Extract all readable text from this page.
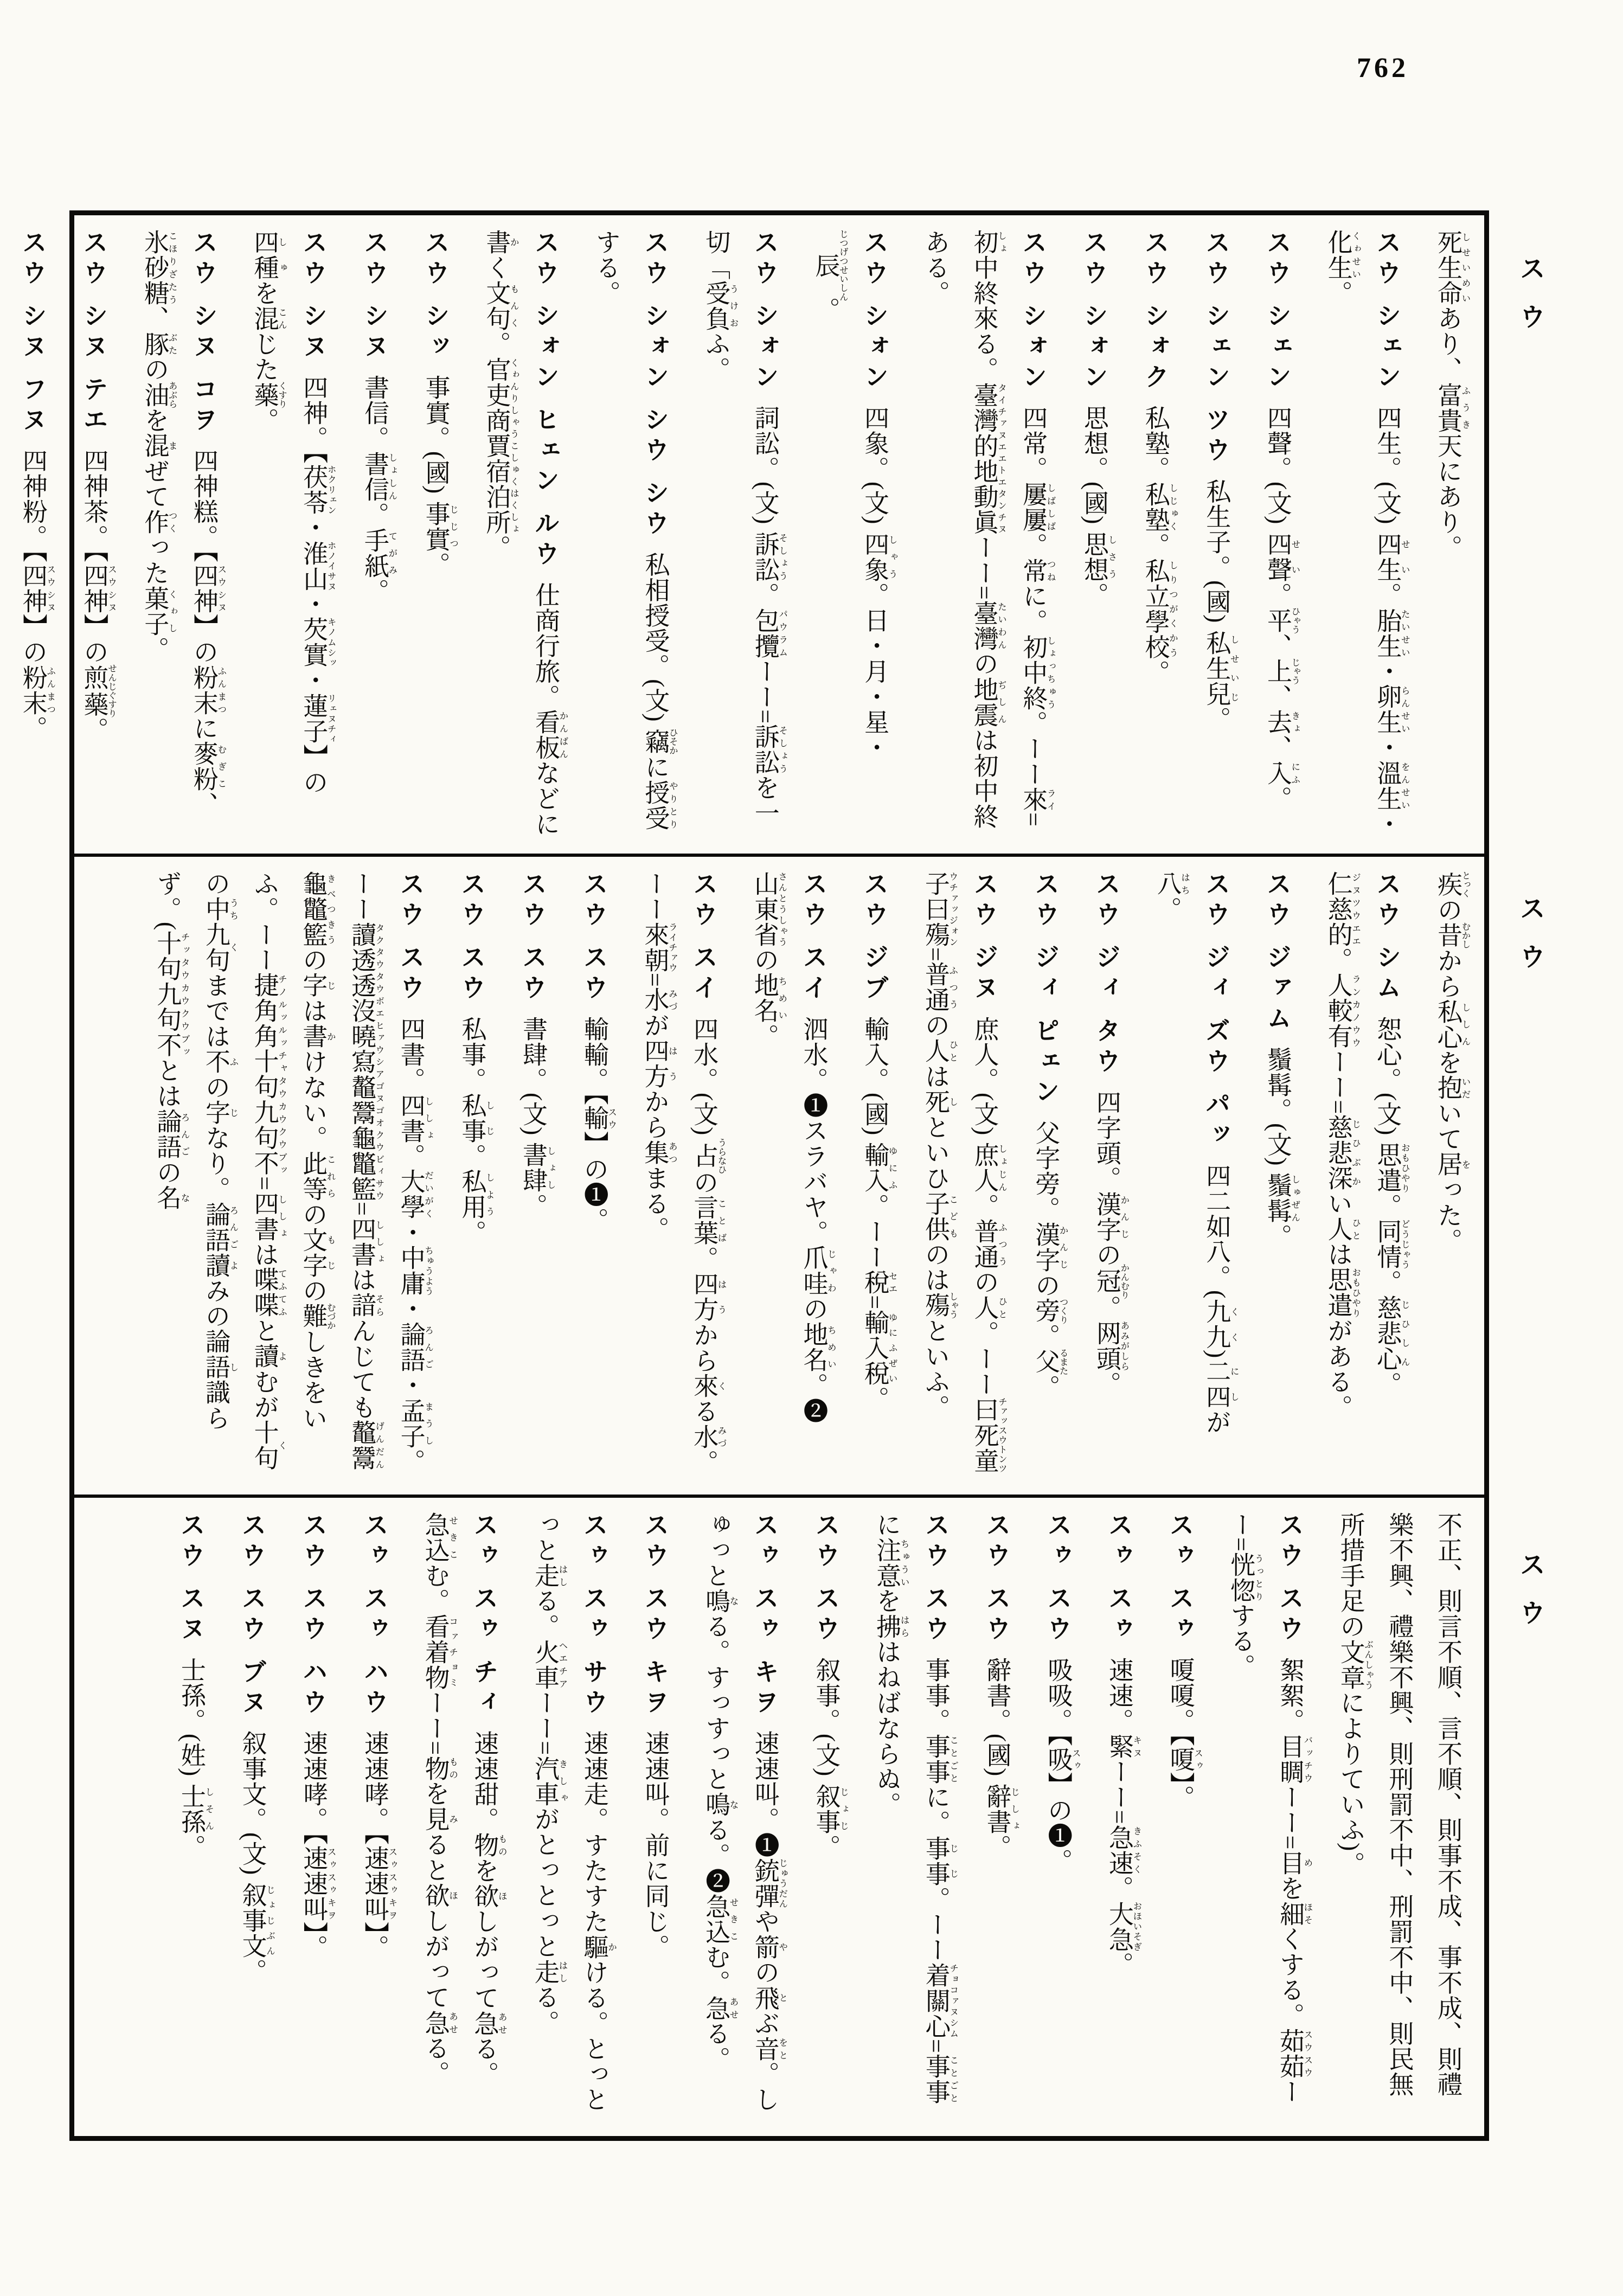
762
スウ
スウ
スウ
死生命しせいめいあり、富貴ふうき天にあり。
スウ シェン四生。(文) 四生せい。胎生たいせい・卵生らんせい・溫生をんせい・化生くゎせい。
スウ シェン四聲。(文) 四聲せい。平ひゃう、上じゃう、去きょ、入にふ。
スウ シェン ツウ私生子。(國) 私生兒しせいじ。
スウ シォク私塾。私塾しじゅく。私立學校しりつがくかう。
スウ シォン思想。(國) 思想しさう。
スウ シォン四常。屢屢しばしば。常つねに。初中終しょっちゅう。ーー來ライ=初しょ中終來る。臺灣的地動眞タイチァヌエエトエタンチヌーー=臺灣たいわんの地震ぢしんは初中終ある。
スウ シォン四象。(文) 四象しゃう。日・月・星・辰じつげつせいしん。
スウ シォン詞訟。(文) 訴訟そしょう。包攬パウラムーー=訴訟そしょうを一切「受負うけおふ。
スウ シォン シウ シウ私相授受。(文) 竊ひそかに授受やりとりする。
スウ シォン ヒェン ルウ仕商行旅。看板かんばんなどに書かく文句もんく。官吏商賈宿泊所くゎんりしゃうこしゅくはくしょ。
スウ シッ事實。(國) 事實じじつ。
スウ シヌ書信。書信しょしん。手紙てがみ。
スウ シヌ四神。【茯苓ホクリェン・淮山ホノイサヌ・芡實キノムシッ・蓮子リェヌチィ】の四種しゅを混こんじた藥くすり。
スウ シヌ コヲ四神糕。【四神スウシヌ】の粉末ふんまつに麥粉むぎこ、氷砂糖こほりざたう、豚ぶたの油あぶらを混まぜて作つくった菓子くゎし。
スウ シヌ テエ四神茶。【四神スウシヌ】の煎藥せんじぐすり。
スウ シヌ フヌ四神粉。【四神スウシヌ】の粉末ふんまつ。
疾とっくの昔むかしから私心ししんを抱いだいて居をった。
スウ シム恕心。(文) 思遣おもひやり。同情どうじゃう。慈悲心じひしん。仁慈的ジヌツウエエ。人較有ランカノウウーー=慈悲深じひぶかい人ひとは思遣おもひやりがある。
スウ ジァム鬚髯。(文) 鬚髯しゅぜん。
スウ ジィ ズウ パッ四二如八。(九九くく)二四にしが八はち。
スウ ジィ タウ四字頭。漢字かんじの冠かんむり。网頭あみがしら。
スウ ジィ ピェン父字旁。漢字かんじの旁つくり。父るまた。
スウ ジヌ庶人。(文) 庶人しょじん。普通ふつうの人ひと。ーー曰死童子曰殤チァッスウトンツウチァッジォン=普通ふつうの人ひとは死しといひ子供こどものは殤しゃうといふ。
スウ ジブ輸入。(國) 輸入ゆにふ。ーー稅セエ=輸入稅ゆにふぜい。
スウ スイ泗水。❶スラバヤ。爪哇じゃわの地名ちめい。❷山東省さんとうしゃうの地名ちめい。
スウ スイ四水。(文) 占うらなひの言葉ことば。四方はうから來くる水みづ。ーー來朝ライチァウ=水みづが四方はうから集あつまる。
スウ スウ輸輸。【輸スウ】の❶。
スウ スウ書肆。(文) 書肆しょし。
スウ スウ私事。私事しじ。私用しよう。
スウ スウ四書。四書ししょ。大學だいがく・中庸ちゅうよう・論語ろんご・孟子まうし。ーー讀透透沒曉寫鼇鬵龜鼈籃タクタウタウボエヒァウシアゴヌゴオクウビィサウ=四書ししょは諳そらんじても鼇鬵龜鼈籃げんだんきべつきうの字じは書かけない。此等これらの文字もじの難むづかしきをいふ。ーー捷角角十句九句不チノルッルッチャタウカウクウブッ=四書ししょは喋喋てふてふと讀よむが十句くの中うち九句くまでは不ふの字じなり。論語ろんご讀よみの論語識しらず。(十句九句不チッタウカウクウブッとは論語ろんごの名な
不正、則言不順、言不順、則事不成、事不成、則禮樂不興、禮樂不興、則刑罰不中、刑罰不中、則民無所措手足の文章ぶんしゃうによりていふ)。
スウ スウ絮絮。目睭バッチウーー=目めを細ほそくする。茹茹スウスウーー=恍惚うっとりする。
スゥ スゥ嗄嗄。【嗄スゥ】。
スゥ スゥ速速。緊キヌーー=急速きふそく。大急おほいそぎ。
スゥ スウ吸吸。【吸スゥ】の❶。
スウ スウ辭書。(國) 辭書じしょ。
スウ スウ事事。事事ことごとに。事事じじ。ーー着關心チョコァヌシム=事事ことごとに注意ちゅういを拂はらはねばならぬ。
スウ スウ叙事。(文) 叙事じょじ。
スゥ スゥ キヲ速速叫。❶銃彈じゅうだんや箭やの飛とぶ音をと。しゅっと鳴なる。すっすっと鳴なる。❷急込せきこむ。急あせる。
スウ スウ キヲ速速叫。前に同じ。
スゥ スゥ サウ速速走。すたすた驅かける。とっとっと走はしる。火車ヘエチアーー=汽車きしゃがとっとっと走はしる。
スゥ スゥ チィ速速甜。物ものを欲ほしがって急あせる。急込せきこむ。看着物コァチョミーー=物ものを見みると欲ほしがって急あせる。
スゥ スゥ ハウ速速哮。【速速叫スゥスゥキヲ】。
スウ スウ ハウ速速哮。【速速叫スゥスゥキヲ】。
スウ スウ ブヌ叙事文。(文) 叙事文じょじぶん。
スウ スヌ士孫。(姓) 士孫しそん。
